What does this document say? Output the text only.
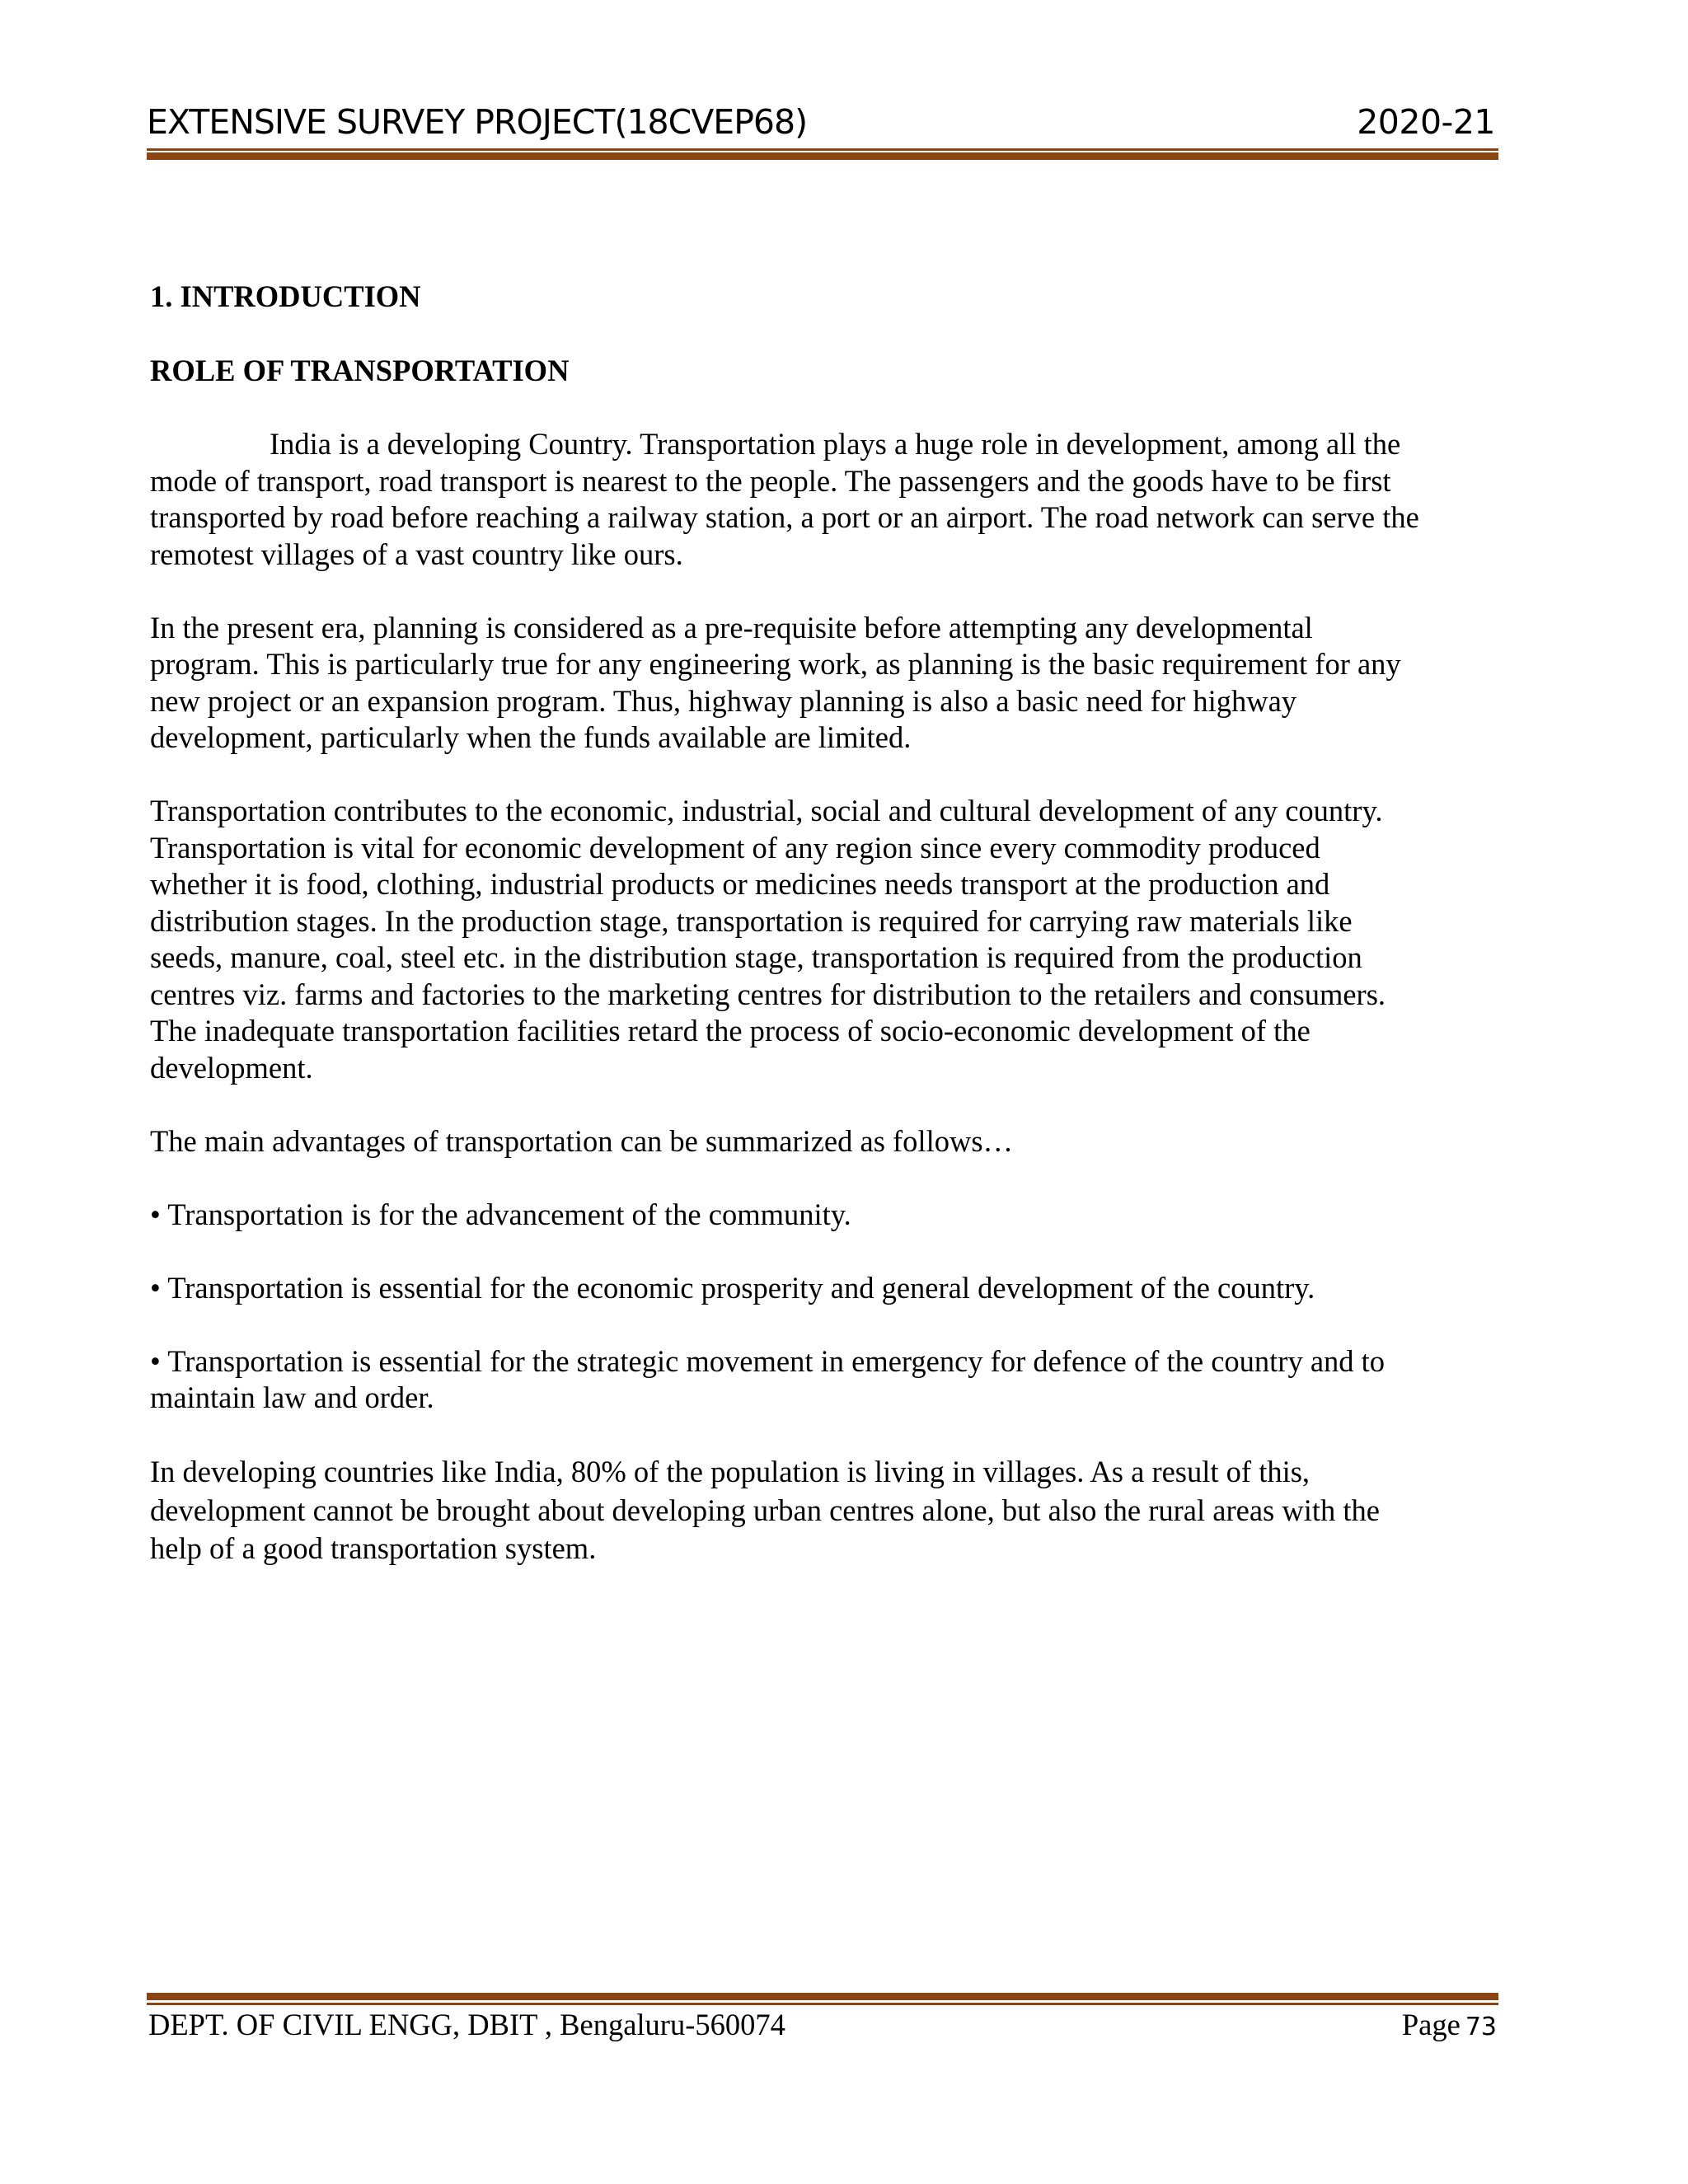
EXTENSIVE SURVEY PROJECT(18CVEP68)	2020-21

1. INTRODUCTION

ROLE OF TRANSPORTATION

India is a developing Country. Transportation plays a huge role in development, among all the
mode of transport, road transport is nearest to the people. The passengers and the goods have to be first
transported by road before reaching a railway station, a port or an airport. The road network can serve the
remotest villages of a vast country like ours.

In the present era, planning is considered as a pre-requisite before attempting any developmental
program. This is particularly true for any engineering work, as planning is the basic requirement for any
new project or an expansion program. Thus, highway planning is also a basic need for highway
development, particularly when the funds available are limited.

Transportation contributes to the economic, industrial, social and cultural development of any country.
Transportation is vital for economic development of any region since every commodity produced
whether it is food, clothing, industrial products or medicines needs transport at the production and
distribution stages. In the production stage, transportation is required for carrying raw materials like
seeds, manure, coal, steel etc. in the distribution stage, transportation is required from the production
centres viz. farms and factories to the marketing centres for distribution to the retailers and consumers.
The inadequate transportation facilities retard the process of socio-economic development of the
development.

The main advantages of transportation can be summarized as follows…

• Transportation is for the advancement of the community.

• Transportation is essential for the economic prosperity and general development of the country.

• Transportation is essential for the strategic movement in emergency for defence of the country and to
maintain law and order.

In developing countries like India, 80% of the population is living in villages. As a result of this,
development cannot be brought about developing urban centres alone, but also the rural areas with the
help of a good transportation system.

DEPT. OF CIVIL ENGG, DBIT , Bengaluru-560074	Page 73
